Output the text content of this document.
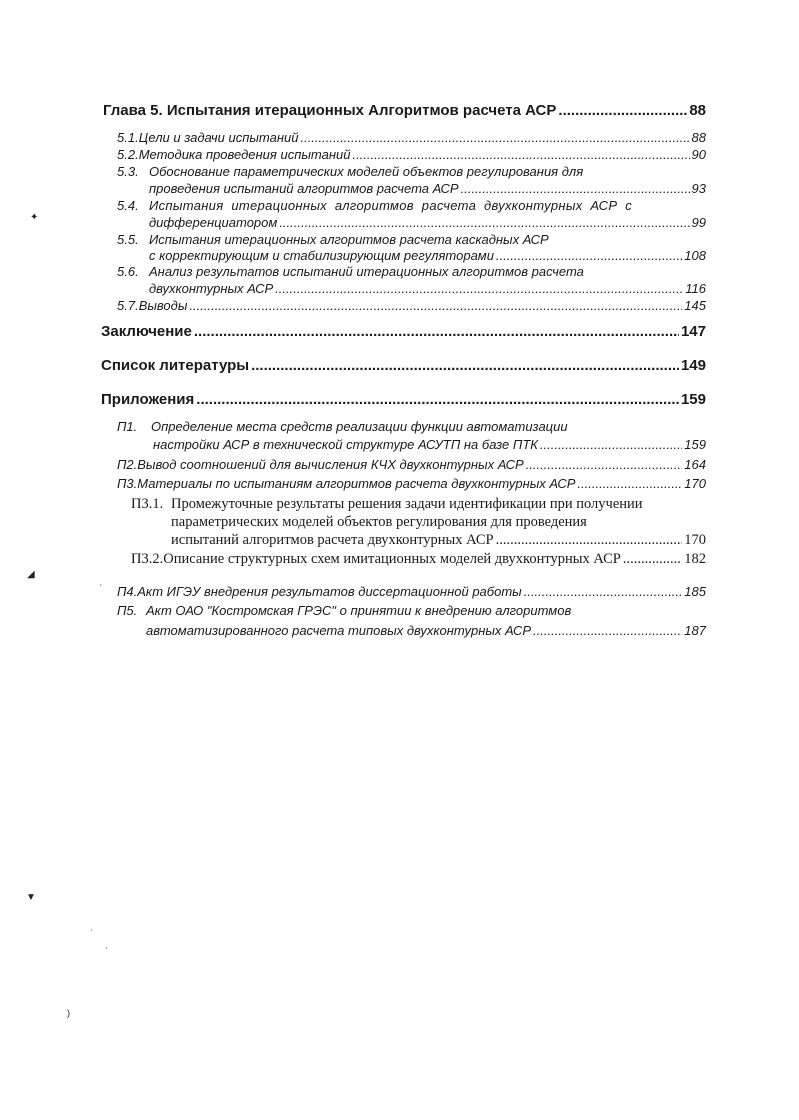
Глава 5. Испытания итерационных Алгоритмов расчета АСР .....	88
5.1. Цели и задачи испытаний .....	88
5.2. Методика проведения испытаний .....	90
5.3. Обоснование параметрических моделей объектов регулирования для
проведения испытаний алгоритмов расчета АСР .....	93
5.4. Испытания итерационных алгоритмов расчета двухконтурных АСР с
дифференциатором .....	99
5.5. Испытания итерационных алгоритмов расчета каскадных АСР
с корректирующим и стабилизирующим регуляторами .....	108
5.6. Анализ результатов испытаний итерационных алгоритмов расчета
двухконтурных АСР .....	116
5.7. Выводы .....	145
Заключение .....	147
Список литературы .....	149
Приложения .....	159
П1.	Определение места средств реализации функции автоматизации
настройки АСР в технической структуре АСУТП на базе ПТК .....	159
П2. Вывод соотношений для вычисления КЧХ двухконтурных АСР .....	164
П3. Материалы по испытаниям алгоритмов расчета двухконтурных АСР .....	170
П3.1. Промежуточные результаты решения задачи идентификации при получении
параметрических моделей объектов регулирования для проведения
испытаний алгоритмов расчета двухконтурных АСР .....	170
П3.2. Описание структурных схем имитационных моделей двухконтурных АСР .....	182
П4. Акт ИГЭУ внедрения результатов диссертационной работы .....	185
П5. Акт ОАО "Костромская ГРЭС" о принятии к внедрению алгоритмов
автоматизированного расчета типовых двухконтурных АСР .....	187
✦
◢
▼
•
•
•
)
